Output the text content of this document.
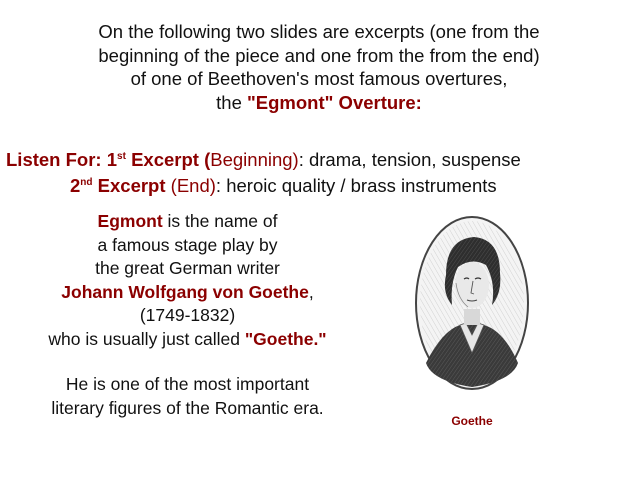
On the following two slides are excerpts (one from the
beginning of the piece and one from the from the end)
of one of Beethoven's most famous overtures,
the "Egmont" Overture:
Listen For: 1st Excerpt (Beginning): drama, tension, suspense
2nd Excerpt (End): heroic quality / brass instruments
Egmont is the name of
a famous stage play by
the great German writer
Johann Wolfgang von Goethe,
(1749-1832)
who is usually just called "Goethe."
He is one of the most important
literary figures of the Romantic era.
Goethe
